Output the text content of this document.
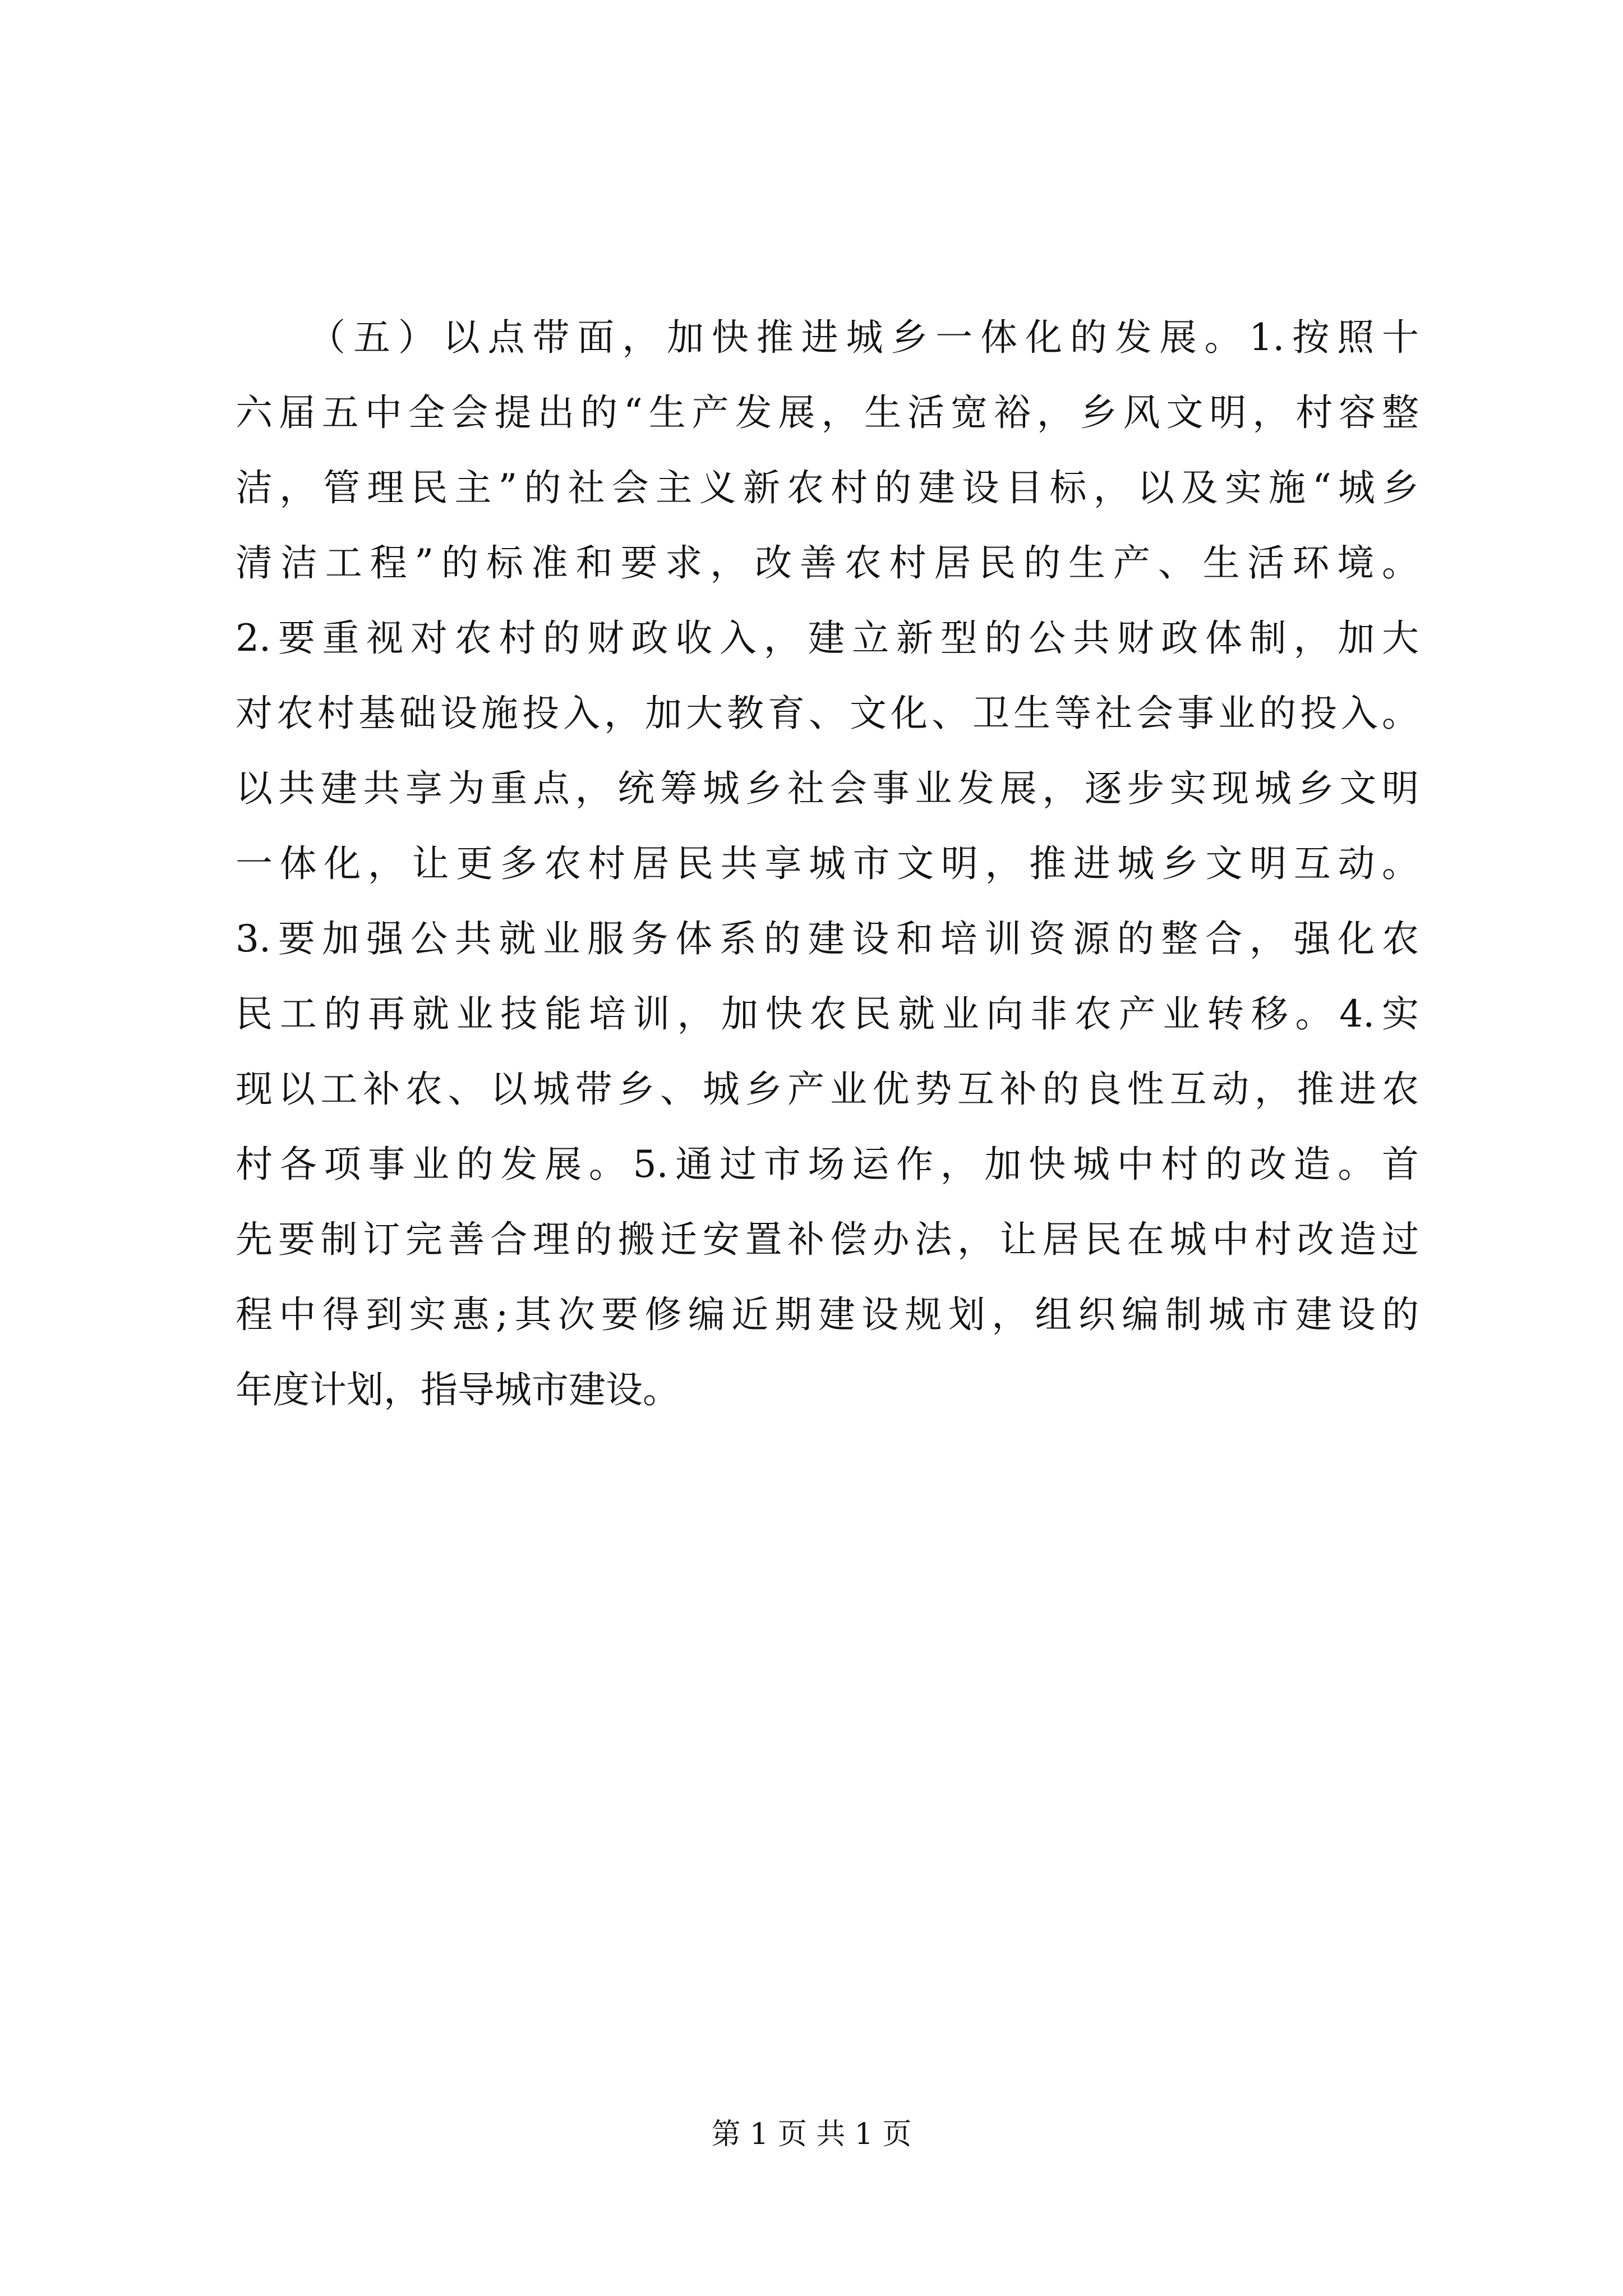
（五）以点带面，加快推进城乡一体化的发展。1.按照十
六届五中全会提出的“生产发展，生活宽裕，乡风文明，村容整
洁，管理民主”的社会主义新农村的建设目标，以及实施“城乡
清洁工程”的标准和要求，改善农村居民的生产、生活环境。
2.要重视对农村的财政收入，建立新型的公共财政体制，加大
对农村基础设施投入，加大教育、文化、卫生等社会事业的投入。
以共建共享为重点，统筹城乡社会事业发展，逐步实现城乡文明
一体化，让更多农村居民共享城市文明，推进城乡文明互动。
3.要加强公共就业服务体系的建设和培训资源的整合，强化农
民工的再就业技能培训，加快农民就业向非农产业转移。4.实
现以工补农、以城带乡、城乡产业优势互补的良性互动，推进农
村各项事业的发展。5.通过市场运作，加快城中村的改造。首
先要制订完善合理的搬迁安置补偿办法，让居民在城中村改造过
程中得到实惠;其次要修编近期建设规划，组织编制城市建设的
年度计划，指导城市建设。
第 1 页 共 1 页
